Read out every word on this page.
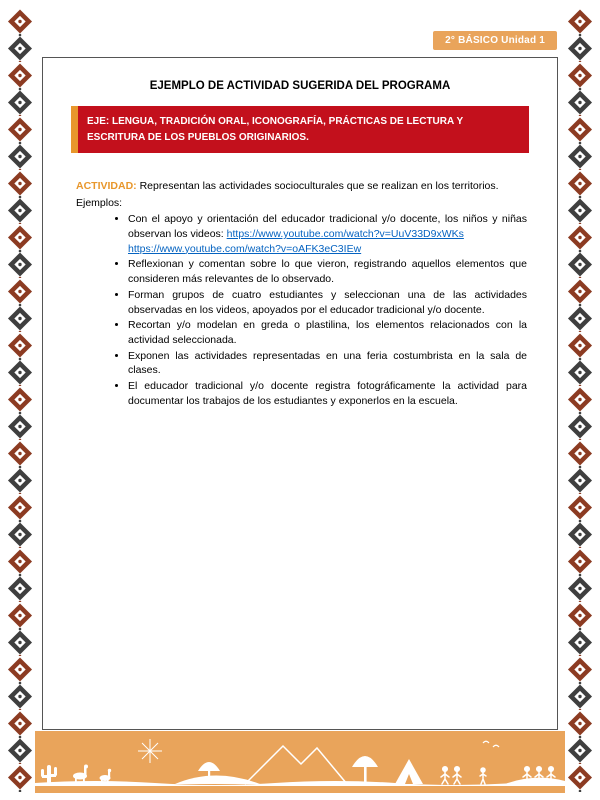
2° BÁSICO Unidad 1
EJEMPLO DE ACTIVIDAD SUGERIDA DEL PROGRAMA
EJE: LENGUA, TRADICIÓN ORAL, ICONOGRAFÍA, PRÁCTICAS DE LECTURA Y ESCRITURA DE LOS PUEBLOS ORIGINARIOS.
ACTIVIDAD: Representan las actividades socioculturales que se realizan en los territorios.
Ejemplos:
• Con el apoyo y orientación del educador tradicional y/o docente, los niños y niñas observan los videos: https://www.youtube.com/watch?v=UuV33D9xWKs
https://www.youtube.com/watch?v=oAFK3eC3IEw
• Reflexionan y comentan sobre lo que vieron, registrando aquellos elementos que consideren más relevantes de lo observado.
• Forman grupos de cuatro estudiantes y seleccionan una de las actividades observadas en los videos, apoyados por el educador tradicional y/o docente.
• Recortan y/o modelan en greda o plastilina, los elementos relacionados con la actividad seleccionada.
• Exponen las actividades representadas en una feria costumbrista en la sala de clases.
• El educador tradicional y/o docente registra fotográficamente la actividad para documentar los trabajos de los estudiantes y exponerlos en la escuela.
